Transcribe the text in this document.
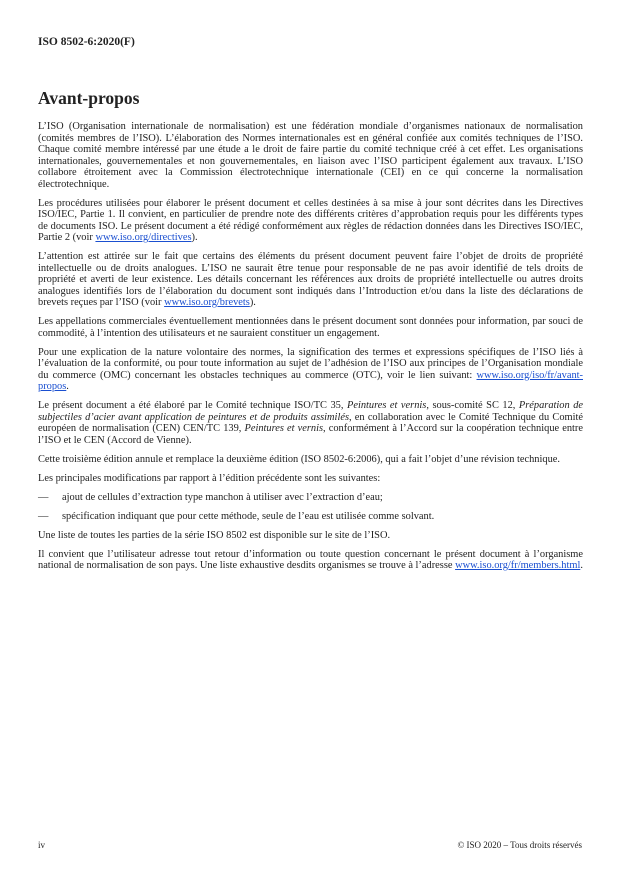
ISO 8502-6:2020(F)
Avant-propos

L’ISO (Organisation internationale de normalisation) est une fédération mondiale d’organismes nationaux de normalisation (comités membres de l’ISO). L’élaboration des Normes internationales est en général confiée aux comités techniques de l’ISO. Chaque comité membre intéressé par une étude a le droit de faire partie du comité technique créé à cet effet. Les organisations internationales, gouvernementales et non gouvernementales, en liaison avec l’ISO participent également aux travaux. L’ISO collabore étroitement avec la Commission électrotechnique internationale (CEI) en ce qui concerne la normalisation électrotechnique.

Les procédures utilisées pour élaborer le présent document et celles destinées à sa mise à jour sont décrites dans les Directives ISO/IEC, Partie 1. Il convient, en particulier de prendre note des différents critères d’approbation requis pour les différents types de documents ISO. Le présent document a été rédigé conformément aux règles de rédaction données dans les Directives ISO/IEC, Partie 2 (voir www.iso.org/directives).

L’attention est attirée sur le fait que certains des éléments du présent document peuvent faire l’objet de droits de propriété intellectuelle ou de droits analogues. L’ISO ne saurait être tenue pour responsable de ne pas avoir identifié de tels droits de propriété et averti de leur existence. Les détails concernant les références aux droits de propriété intellectuelle ou autres droits analogues identifiés lors de l’élaboration du document sont indiqués dans l’Introduction et/ou dans la liste des déclarations de brevets reçues par l’ISO (voir www.iso.org/brevets).

Les appellations commerciales éventuellement mentionnées dans le présent document sont données pour information, par souci de commodité, à l’intention des utilisateurs et ne sauraient constituer un engagement.

Pour une explication de la nature volontaire des normes, la signification des termes et expressions spécifiques de l’ISO liés à l’évaluation de la conformité, ou pour toute information au sujet de l’adhésion de l’ISO aux principes de l’Organisation mondiale du commerce (OMC) concernant les obstacles techniques au commerce (OTC), voir le lien suivant: www.iso.org/iso/fr/avant-propos.

Le présent document a été élaboré par le Comité technique ISO/TC 35, Peintures et vernis, sous-comité SC 12, Préparation de subjectiles d’acier avant application de peintures et de produits assimilés, en collaboration avec le Comité Technique du Comité européen de normalisation (CEN) CEN/TC 139, Peintures et vernis, conformément à l’Accord sur la coopération technique entre l’ISO et le CEN (Accord de Vienne).

Cette troisième édition annule et remplace la deuxième édition (ISO 8502-6:2006), qui a fait l’objet d’une révision technique.

Les principales modifications par rapport à l’édition précédente sont les suivantes:

—	ajout de cellules d’extraction type manchon à utiliser avec l’extraction d’eau;
—	spécification indiquant que pour cette méthode, seule de l’eau est utilisée comme solvant.

Une liste de toutes les parties de la série ISO 8502 est disponible sur le site de l’ISO.

Il convient que l’utilisateur adresse tout retour d’information ou toute question concernant le présent document à l’organisme national de normalisation de son pays. Une liste exhaustive desdits organismes se trouve à l’adresse www.iso.org/fr/members.html.

iv	© ISO 2020 – Tous droits réservés
